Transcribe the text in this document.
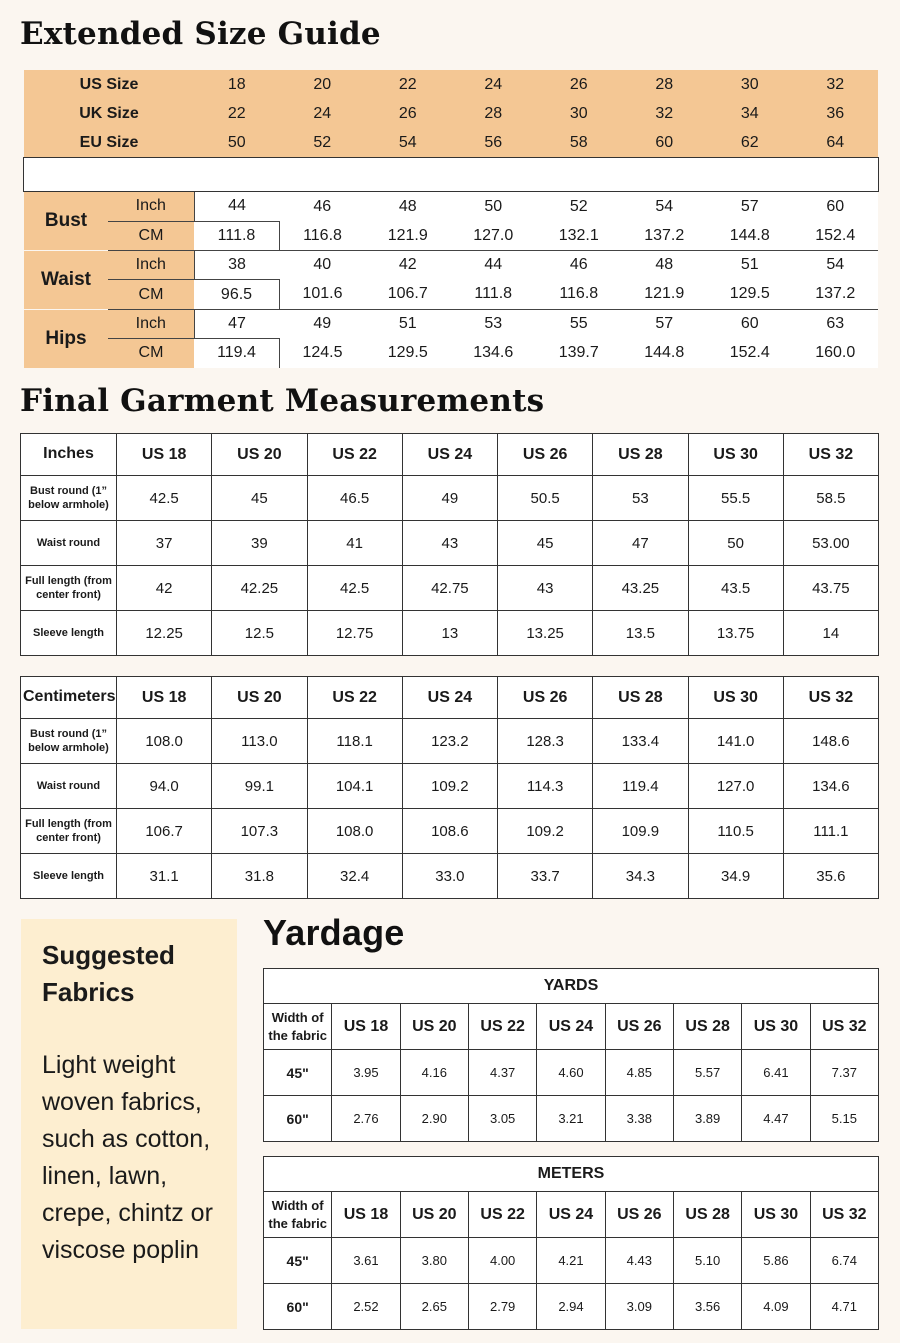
Extended Size Guide
US Size	18	20	22	24	26	28	30	32
UK Size	22	24	26	28	30	32	34	36
EU Size	50	52	54	56	58	60	62	64
Bust	Inch	44	46	48	50	52	54	57	60
	CM	111.8	116.8	121.9	127.0	132.1	137.2	144.8	152.4
Waist	Inch	38	40	42	44	46	48	51	54
	CM	96.5	101.6	106.7	111.8	116.8	121.9	129.5	137.2
Hips	Inch	47	49	51	53	55	57	60	63
	CM	119.4	124.5	129.5	134.6	139.7	144.8	152.4	160.0
Final Garment Measurements
Inches	US 18	US 20	US 22	US 24	US 26	US 28	US 30	US 32
Bust round (1” below armhole)	42.5	45	46.5	49	50.5	53	55.5	58.5
Waist round	37	39	41	43	45	47	50	53.00
Full length (from center front)	42	42.25	42.5	42.75	43	43.25	43.5	43.75
Sleeve length	12.25	12.5	12.75	13	13.25	13.5	13.75	14
Centimeters	US 18	US 20	US 22	US 24	US 26	US 28	US 30	US 32
Bust round (1” below armhole)	108.0	113.0	118.1	123.2	128.3	133.4	141.0	148.6
Waist round	94.0	99.1	104.1	109.2	114.3	119.4	127.0	134.6
Full length (from center front)	106.7	107.3	108.0	108.6	109.2	109.9	110.5	111.1
Sleeve length	31.1	31.8	32.4	33.0	33.7	34.3	34.9	35.6
Suggested Fabrics
Light weight woven fabrics, such as cotton, linen, lawn, crepe, chintz or viscose poplin
Yardage
YARDS								
Width of the fabric	US 18	US 20	US 22	US 24	US 26	US 28	US 30	US 32
45"	3.95	4.16	4.37	4.60	4.85	5.57	6.41	7.37
60"	2.76	2.90	3.05	3.21	3.38	3.89	4.47	5.15
METERS								
Width of the fabric	US 18	US 20	US 22	US 24	US 26	US 28	US 30	US 32
45"	3.61	3.80	4.00	4.21	4.43	5.10	5.86	6.74
60"	2.52	2.65	2.79	2.94	3.09	3.56	4.09	4.71
